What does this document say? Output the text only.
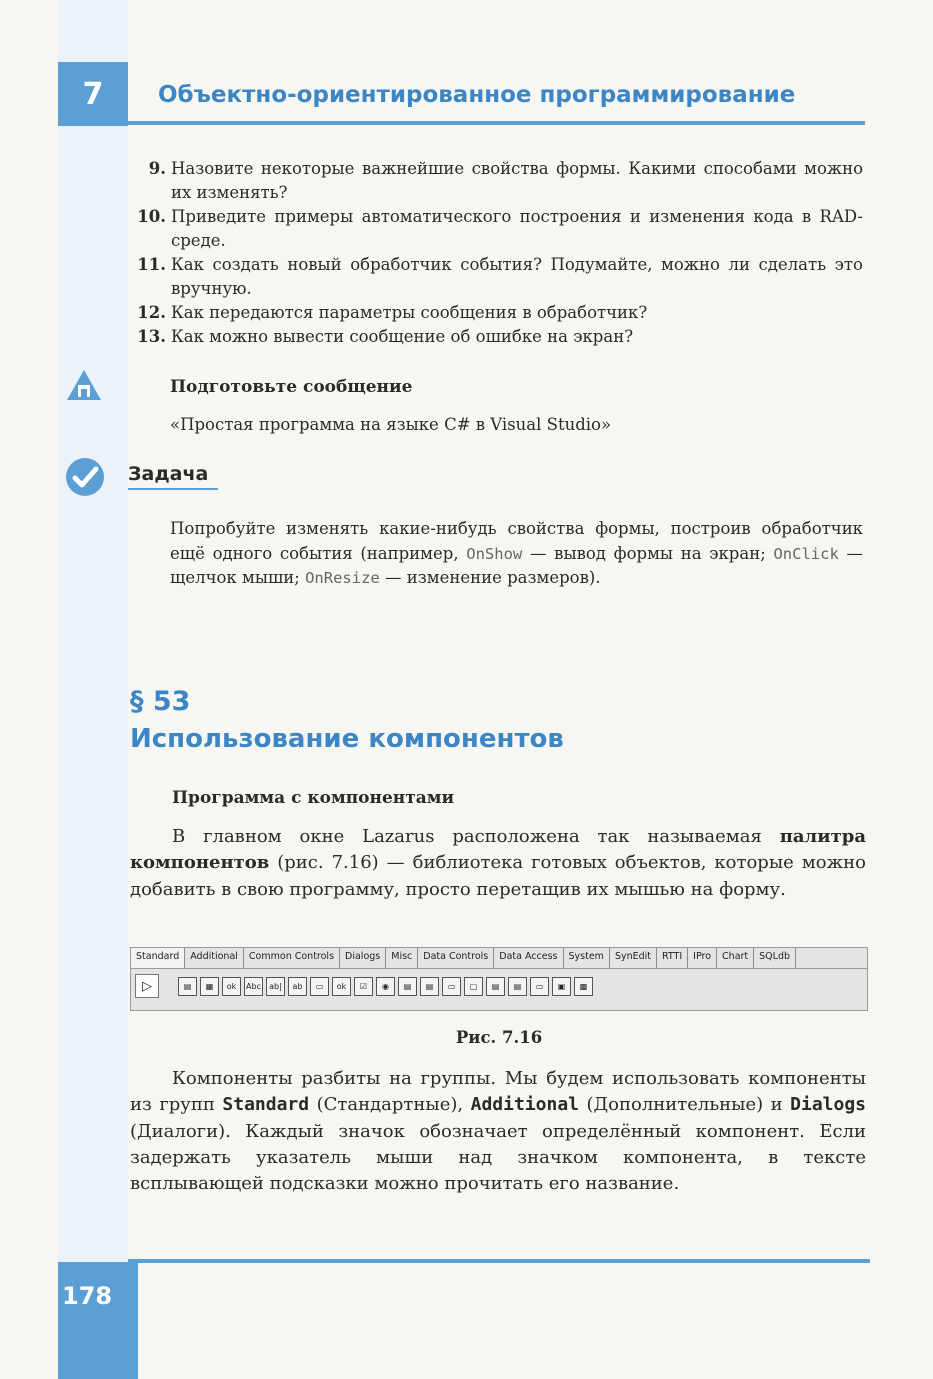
7	Объектно-ориентированное программирование
9. Назовите некоторые важнейшие свойства формы. Какими способами можно их изменять?
10. Приведите примеры автоматического построения и изменения кода в RAD-среде.
11. Как создать новый обработчик события? Подумайте, можно ли сделать это вручную.
12. Как передаются параметры сообщения в обработчик?
13. Как можно вывести сообщение об ошибке на экран?
Подготовьте сообщение
«Простая программа на языке C# в Visual Studio»
Задача
Попробуйте изменять какие-нибудь свойства формы, построив обработчик ещё одного события (например, OnShow — вывод формы на экран; OnClick — щелчок мыши; OnResize — изменение размеров).
§ 53
Использование компонентов
Программа с компонентами
В главном окне Lazarus расположена так называемая палитра компонентов (рис. 7.16) — библиотека готовых объектов, которые можно добавить в свою программу, просто перетащив их мышью на форму.
Standard	Additional	Common Controls	Dialogs	Misc	Data Controls	Data Access	System	SynEdit	RTTI	IPro	Chart	SQLdb
▷	▤	▦	ok	Abc	ab|	ab	▭	ok	☑	◉	▤	▤	▭	▢	▤	▤	▭	▣	▩
Рис. 7.16
Компоненты разбиты на группы. Мы будем использовать компоненты из групп Standard (Стандартные), Additional (Дополнительные) и Dialogs (Диалоги). Каждый значок обозначает определённый компонент. Если задержать указатель мыши над значком компонента, в тексте всплывающей подсказки можно прочитать его название.
178
